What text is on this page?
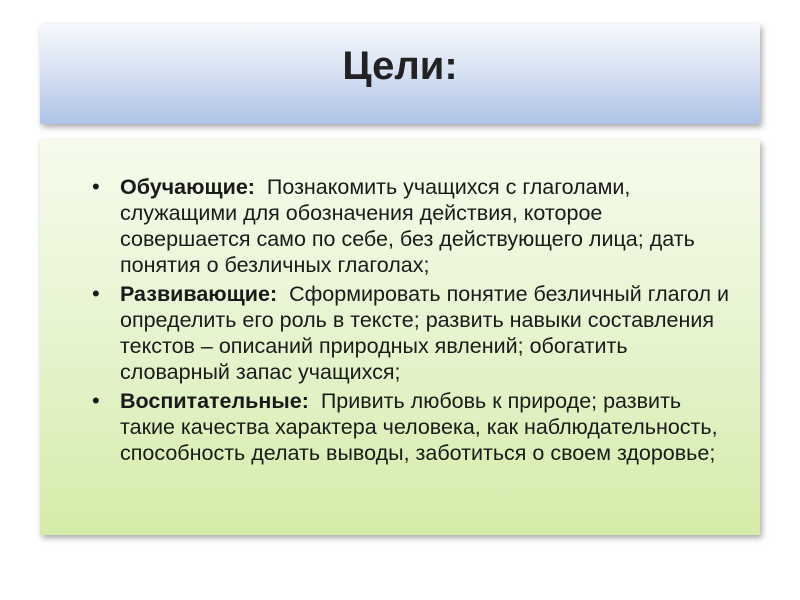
Цели:
• Обучающие: Познакомить учащихся с глаголами, служащими для обозначения действия, которое совершается само по себе, без действующего лица; дать понятия о безличных глаголах;
• Развивающие: Сформировать понятие безличный глагол и определить его роль в тексте; развить навыки составления текстов – описаний природных явлений; обогатить словарный запас учащихся;
• Воспитательные: Привить любовь к природе; развить такие качества характера человека, как наблюдательность, способность делать выводы, заботиться о своем здоровье;
